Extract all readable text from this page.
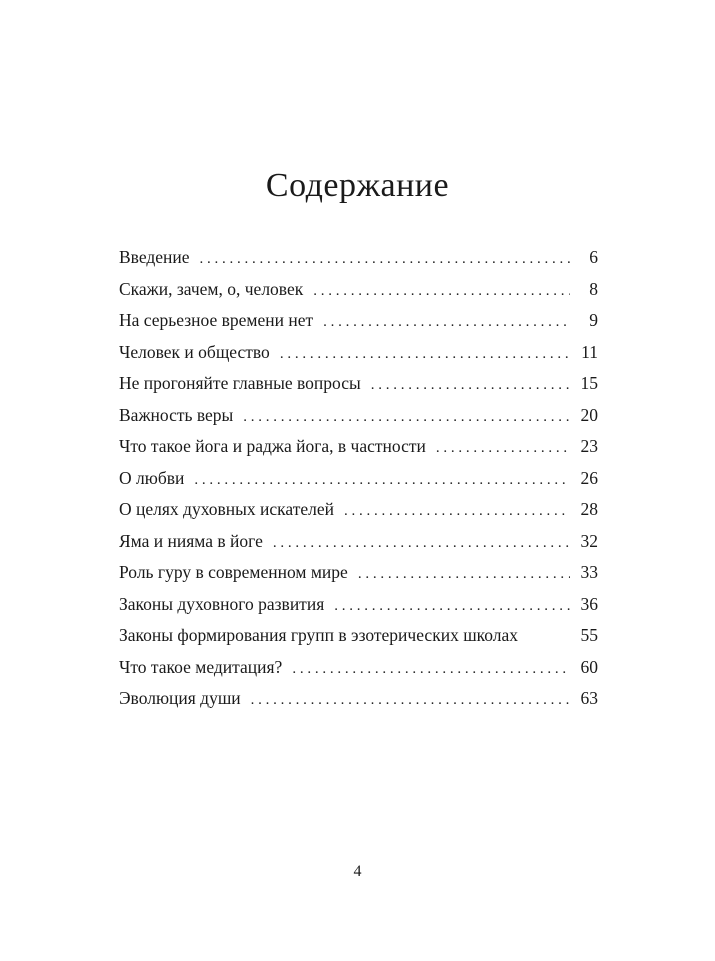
Содержание
Введение . . .	6
Скажи, зачем, о, человек . . .	8
На серьезное времени нет . . .	9
Человек и общество . . .	11
Не прогоняйте главные вопросы . . .	15
Важность веры . . .	20
Что такое йога и раджа йога, в частности . . .	23
О любви . . .	26
О целях духовных искателей . . .	28
Яма и нияма в йоге . . .	32
Роль гуру в современном мире . . .	33
Законы духовного развития . . .	36
Законы формирования групп в эзотерических школах	55
Что такое медитация? . . .	60
Эволюция души . . .	63
4
